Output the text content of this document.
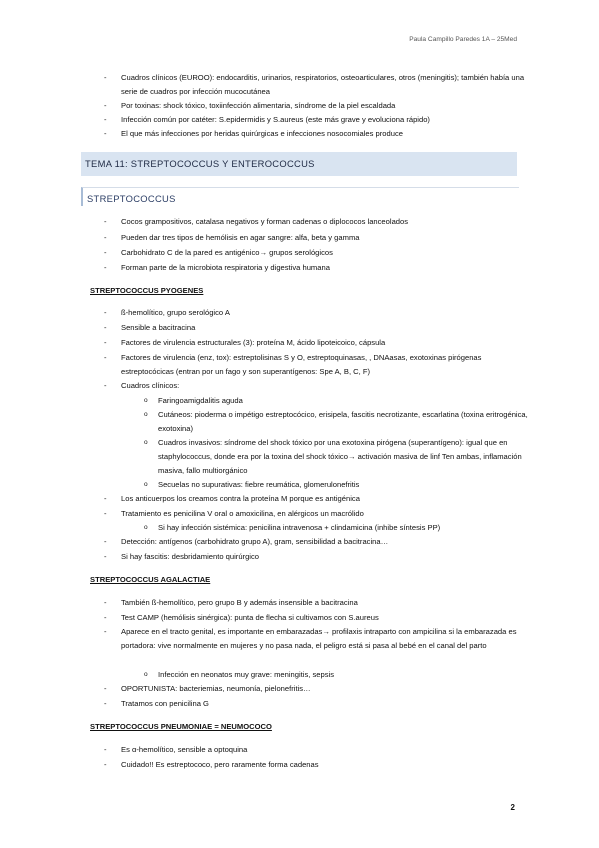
Paula Campillo Paredes 1A – 25Med
- Cuadros clínicos (EUROO): endocarditis, urinarios, respiratorios, osteoarticulares, otros (meningitis); también había una serie de cuadros por infección mucocutánea
- Por toxinas: shock tóxico, toxiinfección alimentaria, síndrome de la piel escaldada
- Infección común por catéter: S.epidermidis y S.aureus (este más grave y evoluciona rápido)
- El que más infecciones por heridas quirúrgicas e infecciones nosocomiales produce
TEMA 11: STREPTOCOCCUS Y ENTEROCOCCUS
STREPTOCOCCUS
- Cocos grampositivos, catalasa negativos y forman cadenas o diplococos lanceolados
- Pueden dar tres tipos de hemólisis en agar sangre: alfa, beta y gamma
- Carbohidrato C de la pared es antigénico→ grupos serológicos
- Forman parte de la microbiota respiratoria y digestiva humana
STREPTOCOCCUS PYOGENES
- ß-hemolítico, grupo serológico A
- Sensible a bacitracina
- Factores de virulencia estructurales (3): proteína M, ácido lipoteicoico, cápsula
- Factores de virulencia (enz, tox): estreptolisinas S y O, estreptoquinasas, , DNAasas, exotoxinas pirógenas estreptocócicas (entran por un fago y son superantígenos: Spe A, B, C, F)
- Cuadros clínicos:
o Faringoamigdalitis aguda
o Cutáneos: pioderma o impétigo estreptocócico, erisipela, fascitis necrotizante, escarlatina (toxina eritrogénica, exotoxina)
o Cuadros invasivos: síndrome del shock tóxico por una exotoxina pirógena (superantígeno): igual que en staphylococcus, donde era por la toxina del shock tóxico→ activación masiva de linf Ten ambas, inflamación masiva, fallo multiorgánico
o Secuelas no supurativas: fiebre reumática, glomerulonefritis
- Los anticuerpos los creamos contra la proteína M porque es antigénica
- Tratamiento es penicilina V oral o amoxicilina, en alérgicos un macrólido
o Si hay infección sistémica: penicilina intravenosa + clindamicina (inhibe síntesis PP)
- Detección: antígenos (carbohidrato grupo A), gram, sensibilidad a bacitracina…
- Si hay fascitis: desbridamiento quirúrgico
STREPTOCOCCUS AGALACTIAE
- También ß-hemolítico, pero grupo B y además insensible a bacitracina
- Test CAMP (hemólisis sinérgica): punta de flecha si cultivamos con S.aureus
- Aparece en el tracto genital, es importante en embarazadas→ profilaxis intraparto con ampicilina si la embarazada es portadora: vive normalmente en mujeres y no pasa nada, el peligro está si pasa al bebé en el canal del parto
o Infección en neonatos muy grave: meningitis, sepsis
- OPORTUNISTA: bacteriemias, neumonía, pielonefritis…
- Tratamos con penicilina G
STREPTOCOCCUS PNEUMONIAE = NEUMOCOCO
- Es α-hemolítico, sensible a optoquina
- Cuidado!! Es estreptococo, pero raramente forma cadenas
2
